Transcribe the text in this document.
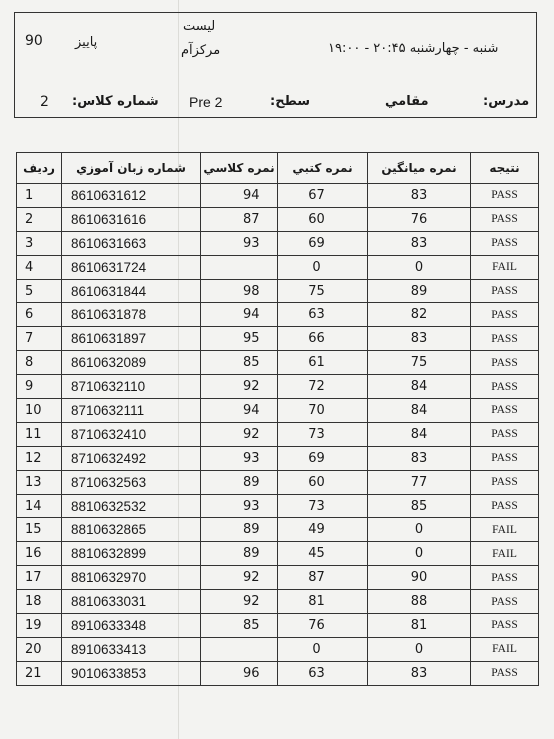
لیست
مرکزآم
90 پاییز	شنبه - چهارشنبه ۲۰:۴۵ - ۱۹:۰۰
2 شماره کلاس: Pre 2	سطح:	مقامي	مدرس:
رديف	شماره زبان آموزي	نمره كلاسي	نمره كتبي	نمره ميانگين	نتيجه
1	8610631612	94	67	83	PASS
2	8610631616	87	60	76	PASS
3	8610631663	93	69	83	PASS
4	8610631724		0	0	FAIL
5	8610631844	98	75	89	PASS
6	8610631878	94	63	82	PASS
7	8610631897	95	66	83	PASS
8	8610632089	85	61	75	PASS
9	8710632110	92	72	84	PASS
10	8710632111	94	70	84	PASS
11	8710632410	92	73	84	PASS
12	8710632492	93	69	83	PASS
13	8710632563	89	60	77	PASS
14	8810632532	93	73	85	PASS
15	8810632865	89	49	0	FAIL
16	8810632899	89	45	0	FAIL
17	8810632970	92	87	90	PASS
18	8810633031	92	81	88	PASS
19	8910633348	85	76	81	PASS
20	8910633413		0	0	FAIL
21	9010633853	96	63	83	PASS
